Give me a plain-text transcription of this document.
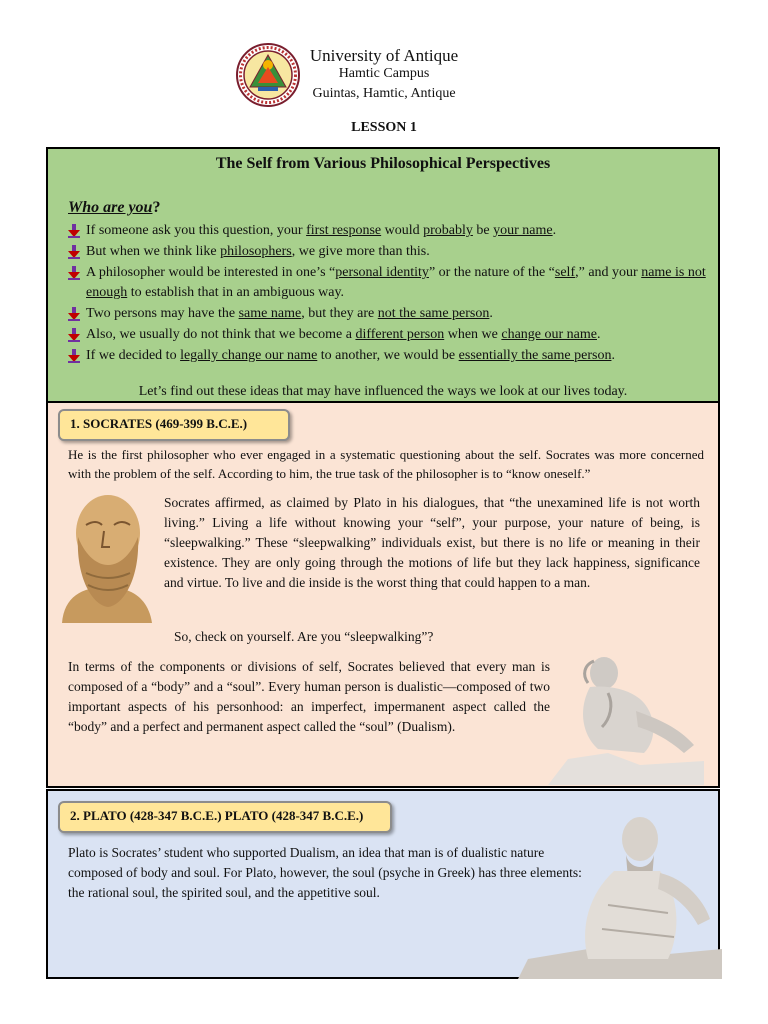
University of Antique
Hamtic Campus
Guintas, Hamtic, Antique
LESSON 1
The Self from Various Philosophical Perspectives
Who are you?
If someone ask you this question, your first response would probably be your name.
But when we think like philosophers, we give more than this.
A philosopher would be interested in one’s “personal identity” or the nature of the “self,” and your name is not enough to establish that in an ambiguous way.
Two persons may have the same name, but they are not the same person.
Also, we usually do not think that we become a different person when we change our name.
If we decided to legally change our name to another, we would be essentially the same person.
Let’s find out these ideas that may have influenced the ways we look at our lives today.
1. SOCRATES (469-399 B.C.E.)
He is the first philosopher who ever engaged in a systematic questioning about the self. Socrates was more concerned with the problem of the self. According to him, the true task of the philosopher is to “know oneself.”
Socrates affirmed, as claimed by Plato in his dialogues, that “the unexamined life is not worth living.” Living a life without knowing your “self”, your purpose, your nature of being, is “sleepwalking.” These “sleepwalking” individuals exist, but there is no life or meaning in their existence. They are only going through the motions of life but they lack happiness, significance and virtue. To live and die inside is the worst thing that could happen to a man.
So, check on yourself. Are you “sleepwalking”?
In terms of the components or divisions of self, Socrates believed that every man is composed of a “body” and a “soul”. Every human person is dualistic—composed of two important aspects of his personhood: an imperfect, impermanent aspect called the “body” and a perfect and permanent aspect called the “soul” (Dualism).
2. PLATO (428-347 B.C.E.) PLATO (428-347 B.C.E.)
Plato is Socrates’ student who supported Dualism, an idea that man is of dualistic nature composed of body and soul. For Plato, however, the soul (psyche in Greek) has three elements: the rational soul, the spirited soul, and the appetitive soul.
